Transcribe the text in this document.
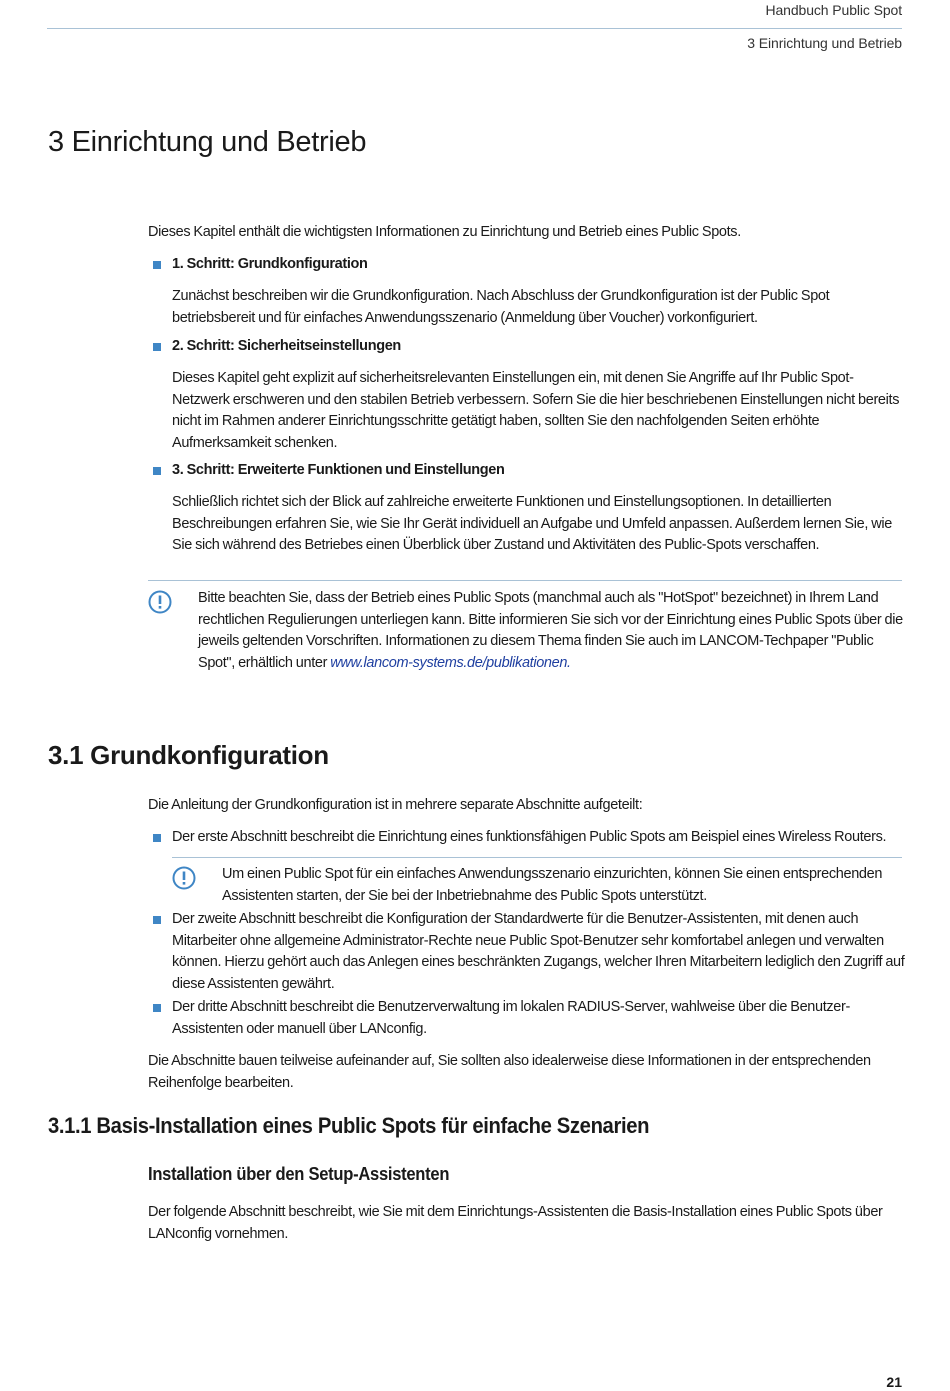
Handbuch Public Spot
3 Einrichtung und Betrieb
3 Einrichtung und Betrieb

Dieses Kapitel enthält die wichtigsten Informationen zu Einrichtung und Betrieb eines Public Spots.

1. Schritt: Grundkonfiguration

Zunächst beschreiben wir die Grundkonfiguration. Nach Abschluss der Grundkonfiguration ist der Public Spot betriebsbereit und für einfaches Anwendungsszenario (Anmeldung über Voucher) vorkonfiguriert.

2. Schritt: Sicherheitseinstellungen

Dieses Kapitel geht explizit auf sicherheitsrelevanten Einstellungen ein, mit denen Sie Angriffe auf Ihr Public Spot-Netzwerk erschweren und den stabilen Betrieb verbessern. Sofern Sie die hier beschriebenen Einstellungen nicht bereits nicht im Rahmen anderer Einrichtungsschritte getätigt haben, sollten Sie den nachfolgenden Seiten erhöhte Aufmerksamkeit schenken.

3. Schritt: Erweiterte Funktionen und Einstellungen

Schließlich richtet sich der Blick auf zahlreiche erweiterte Funktionen und Einstellungsoptionen. In detaillierten Beschreibungen erfahren Sie, wie Sie Ihr Gerät individuell an Aufgabe und Umfeld anpassen. Außerdem lernen Sie, wie Sie sich während des Betriebes einen Überblick über Zustand und Aktivitäten des Public-Spots verschaffen.

Bitte beachten Sie, dass der Betrieb eines Public Spots (manchmal auch als "HotSpot" bezeichnet) in Ihrem Land rechtlichen Regulierungen unterliegen kann. Bitte informieren Sie sich vor der Einrichtung eines Public Spots über die jeweils geltenden Vorschriften. Informationen zu diesem Thema finden Sie auch im LANCOM-Techpaper "Public Spot", erhältlich unter www.lancom-systems.de/publikationen.

3.1 Grundkonfiguration

Die Anleitung der Grundkonfiguration ist in mehrere separate Abschnitte aufgeteilt:

Der erste Abschnitt beschreibt die Einrichtung eines funktionsfähigen Public Spots am Beispiel eines Wireless Routers.

Um einen Public Spot für ein einfaches Anwendungsszenario einzurichten, können Sie einen entsprechenden Assistenten starten, der Sie bei der Inbetriebnahme des Public Spots unterstützt.

Der zweite Abschnitt beschreibt die Konfiguration der Standardwerte für die Benutzer-Assistenten, mit denen auch Mitarbeiter ohne allgemeine Administrator-Rechte neue Public Spot-Benutzer sehr komfortabel anlegen und verwalten können. Hierzu gehört auch das Anlegen eines beschränkten Zugangs, welcher Ihren Mitarbeitern lediglich den Zugriff auf diese Assistenten gewährt.

Der dritte Abschnitt beschreibt die Benutzerverwaltung im lokalen RADIUS-Server, wahlweise über die Benutzer-Assistenten oder manuell über LANconfig.

Die Abschnitte bauen teilweise aufeinander auf, Sie sollten also idealerweise diese Informationen in der entsprechenden Reihenfolge bearbeiten.

3.1.1 Basis-Installation eines Public Spots für einfache Szenarien
Installation über den Setup-Assistenten

Der folgende Abschnitt beschreibt, wie Sie mit dem Einrichtungs-Assistenten die Basis-Installation eines Public Spots über LANconfig vornehmen.

21
